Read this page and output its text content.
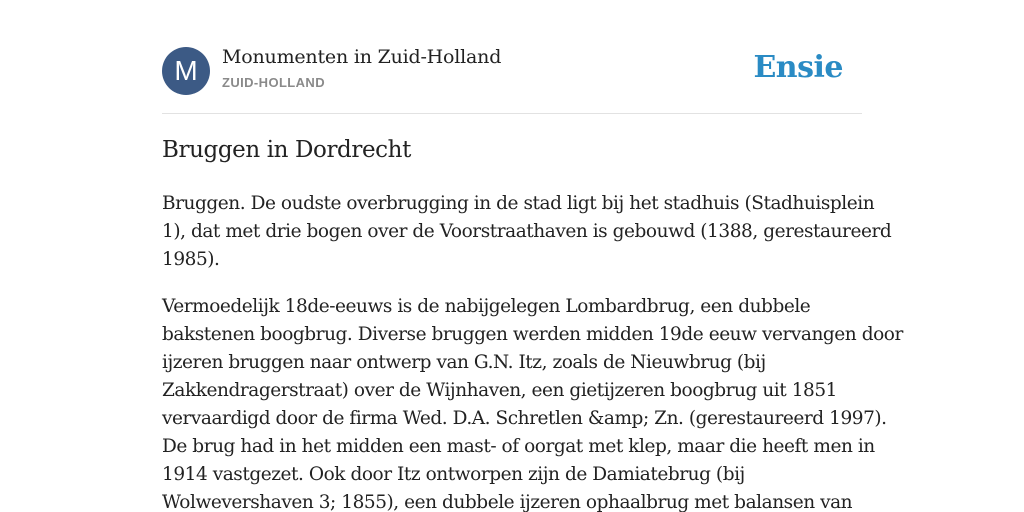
M	Monumenten in Zuid-Holland
ZUID-HOLLAND	Ensie
Bruggen in Dordrecht

Bruggen. De oudste overbrugging in de stad ligt bij het stadhuis (Stadhuisplein
1), dat met drie bogen over de Voorstraathaven is gebouwd (1388, gerestaureerd
1985).

Vermoedelijk 18de-eeuws is de nabijgelegen Lombardbrug, een dubbele
bakstenen boogbrug. Diverse bruggen werden midden 19de eeuw vervangen door
ijzeren bruggen naar ontwerp van G.N. Itz, zoals de Nieuwbrug (bij
Zakkendragerstraat) over de Wijnhaven, een gietijzeren boogbrug uit 1851
vervaardigd door de firma Wed. D.A. Schretlen &amp; Zn. (gerestaureerd 1997).
De brug had in het midden een mast- of oorgat met klep, maar die heeft men in
1914 vastgezet. Ook door Itz ontworpen zijn de Damiatebrug (bij
Wolwevershaven 3; 1855), een dubbele ijzeren ophaalbrug met balansen van
